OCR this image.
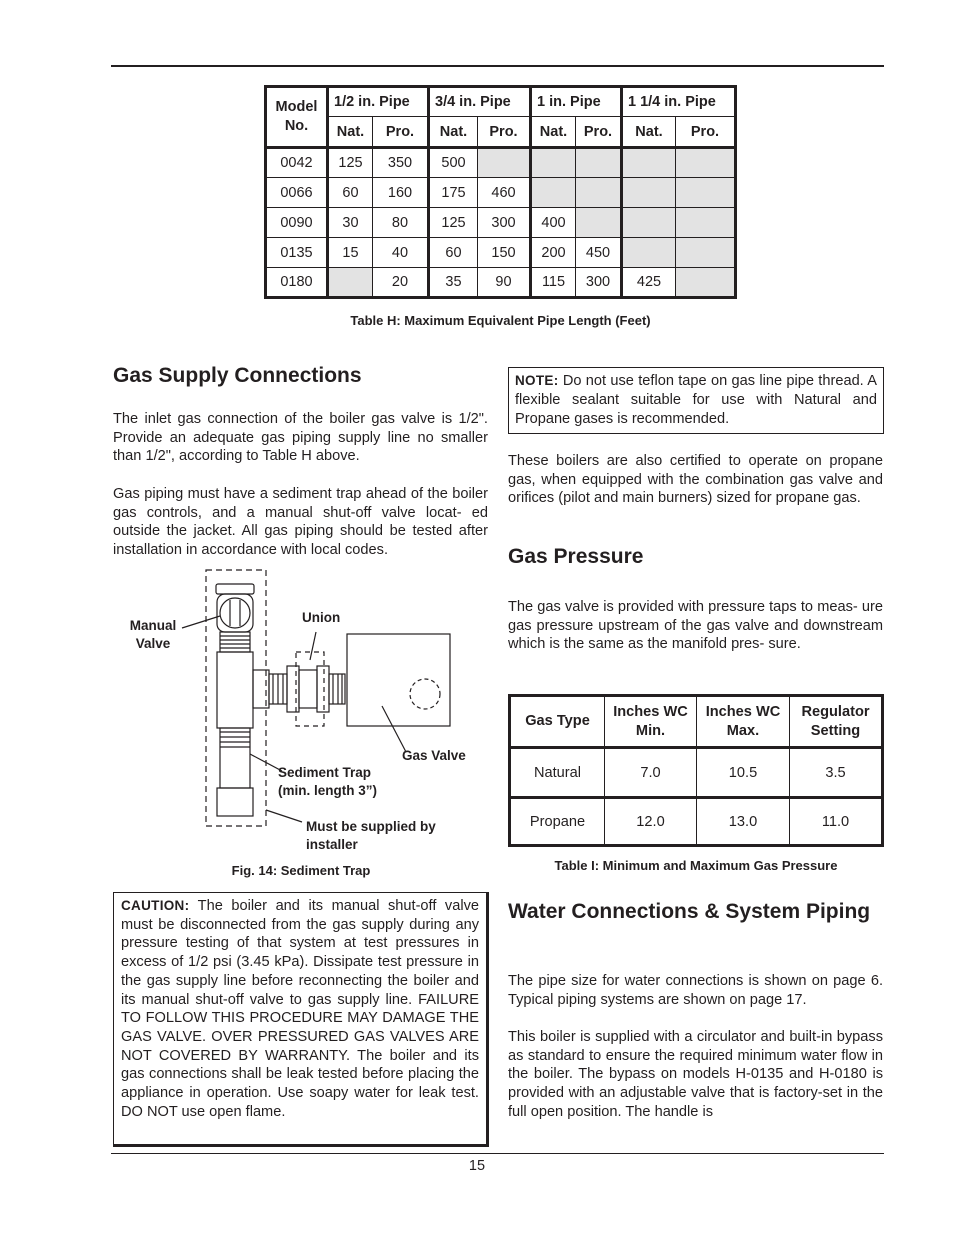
Model No.	1/2 in. Pipe		3/4 in. Pipe		1 in. Pipe		1 1/4 in. Pipe	
	Nat.	Pro.	Nat.	Pro.	Nat.	Pro.	Nat.	Pro.
0042	125	350	500					
0066	60	160	175	460				
0090	30	80	125	300	400			
0135	15	40	60	150	200	450		
0180		20	35	90	115	300	425	
Table H: Maximum Equivalent Pipe Length (Feet)
Gas Supply Connections
The inlet gas connection of the boiler gas valve is 1/2". Provide an adequate gas piping supply line no smaller than 1/2", according to Table H above.
Gas piping must have a sediment trap ahead of the boiler gas controls, and a manual shut-off valve locat- ed outside the jacket. All gas piping should be tested after installation in accordance with local codes.
Manual Valve
Union
Gas Valve
Sediment Trap (min. length 3”)
Must be supplied by installer
Fig. 14: Sediment Trap
CAUTION: The boiler and its manual shut-off valve must be disconnected from the gas supply during any pressure testing of that system at test pressures in excess of 1/2 psi (3.45 kPa). Dissipate test pressure in the gas supply line before reconnecting the boiler and its manual shut-off valve to gas supply line. FAILURE TO FOLLOW THIS PROCEDURE MAY DAMAGE THE GAS VALVE. OVER PRESSURED GAS VALVES ARE NOT COVERED BY WARRANTY. The boiler and its gas connections shall be leak tested before placing the appliance in operation. Use soapy water for leak test. DO NOT use open flame.
NOTE: Do not use teflon tape on gas line pipe thread. A flexible sealant suitable for use with Natural and Propane gases is recommended.
These boilers are also certified to operate on propane gas, when equipped with the combination gas valve and orifices (pilot and main burners) sized for propane gas.
Gas Pressure
The gas valve is provided with pressure taps to meas- ure gas pressure upstream of the gas valve and downstream which is the same as the manifold pres- sure.
Gas Type	Inches WC Min.	Inches WC Max.	Regulator Setting
Natural	7.0	10.5	3.5
Propane	12.0	13.0	11.0
Table I: Minimum and Maximum Gas Pressure
Water Connections & System Piping
The pipe size for water connections is shown on page 6. Typical piping systems are shown on page 17.
This boiler is supplied with a circulator and built-in bypass as standard to ensure the required minimum water flow in the boiler. The bypass on models H-0135 and H-0180 is provided with an adjustable valve that is factory-set in the full open position. The handle is
15
